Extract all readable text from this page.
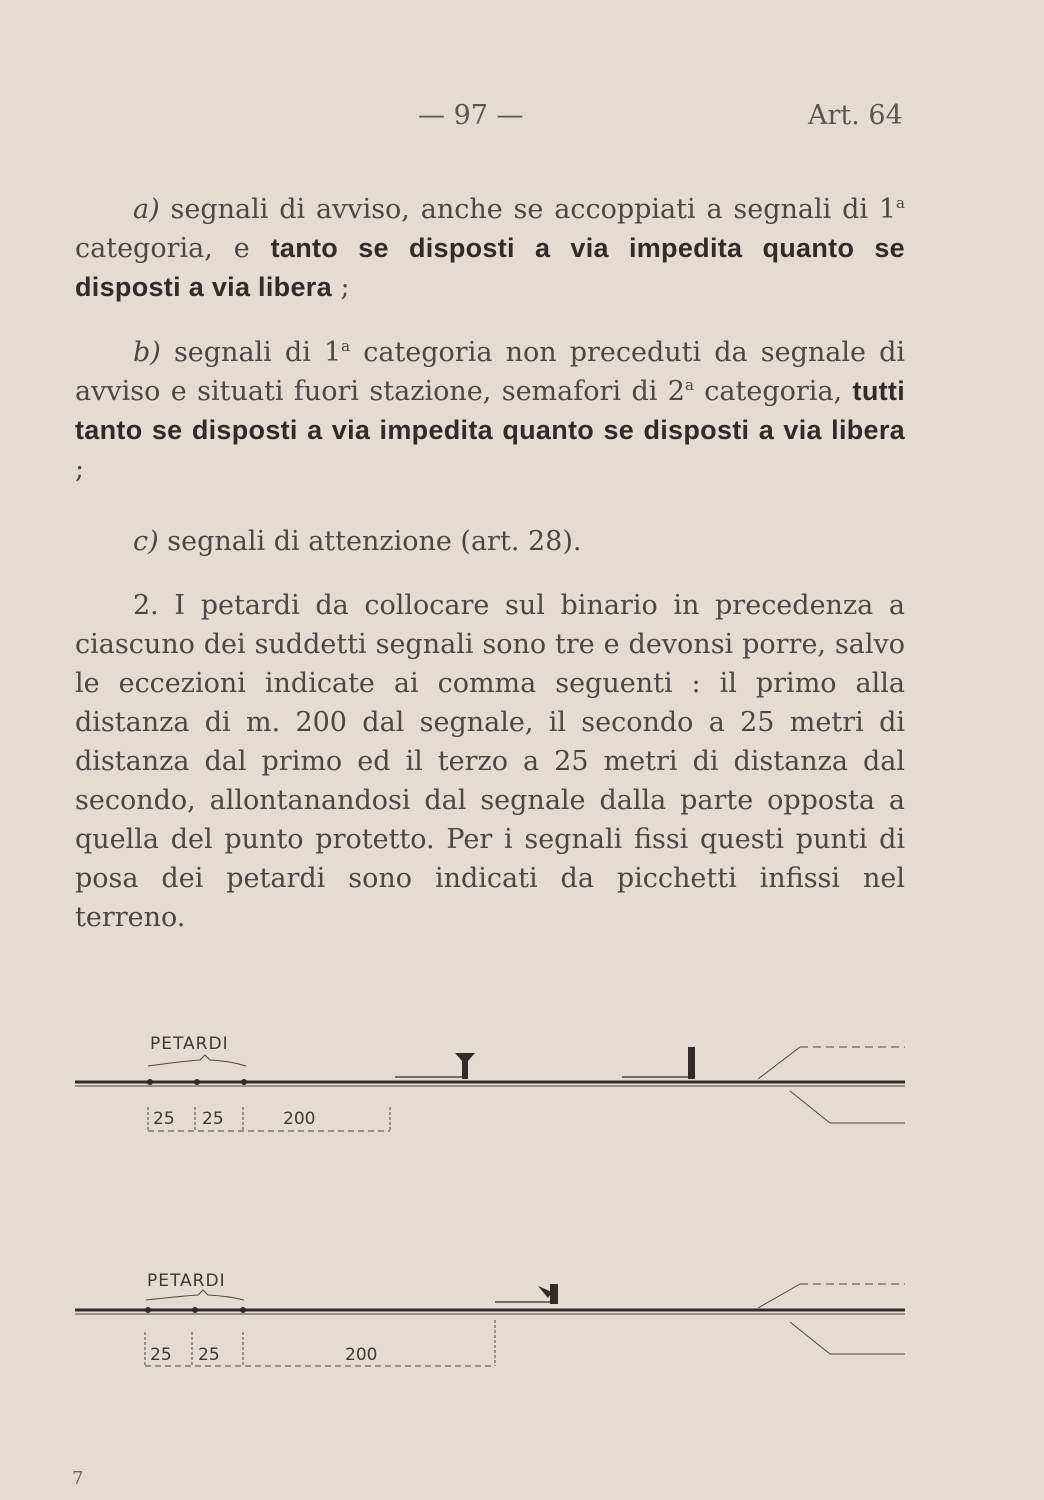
— 97 —	Art. 64

a) segnali di avviso, anche se accoppiati a segnali di 1$^a$ categoria, e tanto se disposti a via impedita quanto se disposti a via libera ;

b) segnali di 1$^a$ categoria non preceduti da segnale di avviso e situati fuori stazione, semafori di 2$^a$ categoria, tutti tanto se disposti a via impedita quanto se disposti a via libera ;

c) segnali di attenzione (art. 28).

2. I petardi da collocare sul binario in precedenza a ciascuno dei suddetti segnali sono tre e devonsi porre, salvo le eccezioni indicate ai comma seguenti : il primo alla distanza di m. 200 dal segnale, il secondo a 25 metri di distanza dal primo ed il terzo a 25 metri di distanza dal secondo, allontanandosi dal segnale dalla parte opposta a quella del punto protetto. Per i segnali fissi questi punti di posa dei petardi sono indicati da picchetti infissi nel terreno.

PETARDI
25 25	200
PETARDI
25 25	200
7
